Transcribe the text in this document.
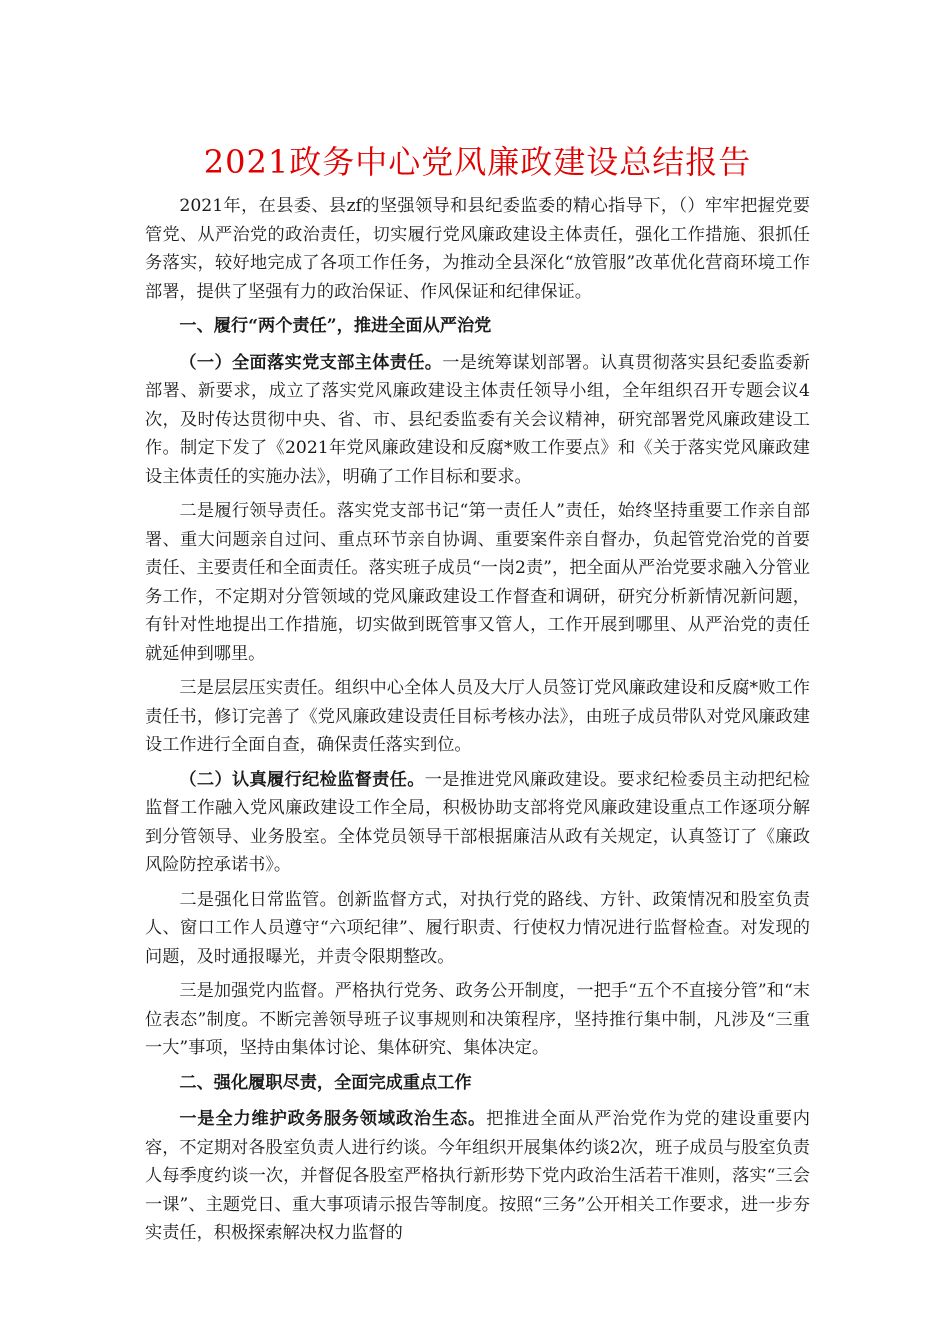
2021政务中心党风廉政建设总结报告

2021年，在县委、县zf的坚强领导和县纪委监委的精心指导下，（）牢牢把握党要管党、从严治党的政治责任，切实履行党风廉政建设主体责任，强化工作措施、狠抓任务落实，较好地完成了各项工作任务，为推动全县深化“放管服”改革优化营商环境工作部署，提供了坚强有力的政治保证、作风保证和纪律保证。

一、履行“两个责任”，推进全面从严治党

（一）全面落实党支部主体责任。一是统筹谋划部署。认真贯彻落实县纪委监委新部署、新要求，成立了落实党风廉政建设主体责任领导小组，全年组织召开专题会议4次，及时传达贯彻中央、省、市、县纪委监委有关会议精神，研究部署党风廉政建设工作。制定下发了《2021年党风廉政建设和反腐*败工作要点》和《关于落实党风廉政建设主体责任的实施办法》，明确了工作目标和要求。

二是履行领导责任。落实党支部书记“第一责任人”责任，始终坚持重要工作亲自部署、重大问题亲自过问、重点环节亲自协调、重要案件亲自督办，负起管党治党的首要责任、主要责任和全面责任。落实班子成员“一岗2责”，把全面从严治党要求融入分管业务工作，不定期对分管领域的党风廉政建设工作督查和调研，研究分析新情况新问题，有针对性地提出工作措施，切实做到既管事又管人，工作开展到哪里、从严治党的责任就延伸到哪里。

三是层层压实责任。组织中心全体人员及大厅人员签订党风廉政建设和反腐*败工作责任书，修订完善了《党风廉政建设责任目标考核办法》，由班子成员带队对党风廉政建设工作进行全面自查，确保责任落实到位。

（二）认真履行纪检监督责任。一是推进党风廉政建设。要求纪检委员主动把纪检监督工作融入党风廉政建设工作全局，积极协助支部将党风廉政建设重点工作逐项分解到分管领导、业务股室。全体党员领导干部根据廉洁从政有关规定，认真签订了《廉政风险防控承诺书》。

二是强化日常监管。创新监督方式，对执行党的路线、方针、政策情况和股室负责人、窗口工作人员遵守“六项纪律”、履行职责、行使权力情况进行监督检查。对发现的问题，及时通报曝光，并责令限期整改。

三是加强党内监督。严格执行党务、政务公开制度，一把手“五个不直接分管”和“末位表态”制度。不断完善领导班子议事规则和决策程序，坚持推行集中制，凡涉及“三重一大”事项，坚持由集体讨论、集体研究、集体决定。

二、强化履职尽责，全面完成重点工作

一是全力维护政务服务领域政治生态。把推进全面从严治党作为党的建设重要内容，不定期对各股室负责人进行约谈。今年组织开展集体约谈2次，班子成员与股室负责人每季度约谈一次，并督促各股室严格执行新形势下党内政治生活若干准则，落实“三会一课”、主题党日、重大事项请示报告等制度。按照“三务”公开相关工作要求，进一步夯实责任，积极探索解决权力监督的
